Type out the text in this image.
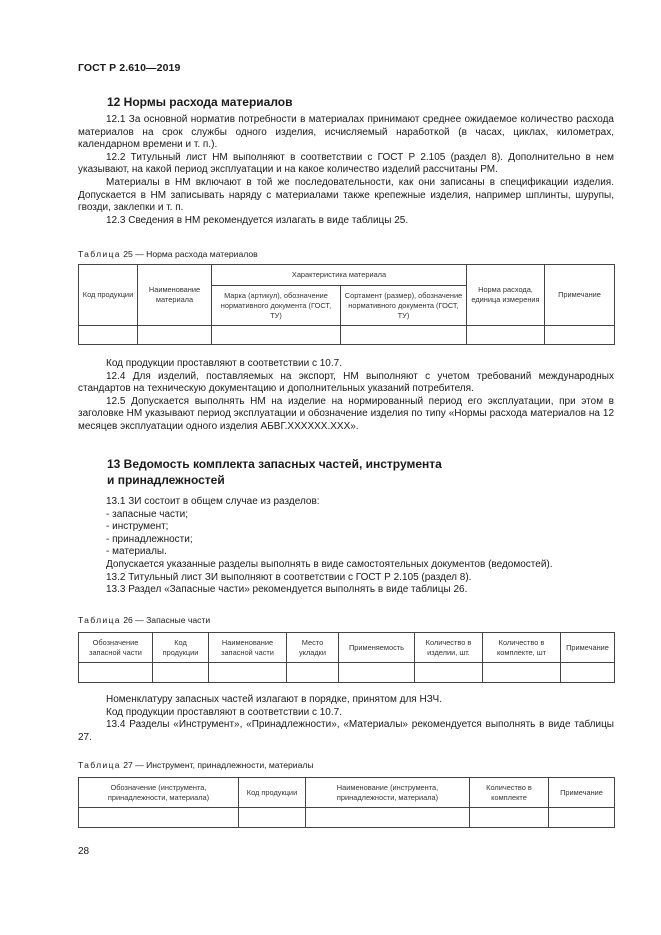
ГОСТ Р 2.610—2019
12 Нормы расхода материалов

12.1 За основной норматив потребности в материалах принимают среднее ожидаемое количество расхода материалов на срок службы одного изделия, исчисляемый наработкой (в часах, циклах, километрах, календарном времени и т. п.).

12.2 Титульный лист НМ выполняют в соответствии с ГОСТ Р 2.105 (раздел 8). Дополнительно в нем указывают, на какой период эксплуатации и на какое количество изделий рассчитаны РМ.

Материалы в НМ включают в той же последовательности, как они записаны в спецификации изделия. Допускается в НМ записывать наряду с материалами также крепежные изделия, например шплинты, шурупы, гвозди, заклепки и т. п.

12.3 Сведения в НМ рекомендуется излагать в виде таблицы 25.

Таблица 25 — Норма расхода материалов
Код продукции	Наименование материала	Характеристика материала		Норма расхода, единица измерения	Примечание
		Марка (артикул), обозначение нормативного документа (ГОСТ, ТУ)	Сортамент (размер), обозначение нормативного документа (ГОСТ, ТУ)		

Код продукции проставляют в соответствии с 10.7.

12.4 Для изделий, поставляемых на экспорт, НМ выполняют с учетом требований международных стандартов на техническую документацию и дополнительных указаний потребителя.

12.5 Допускается выполнять НМ на изделие на нормированный период его эксплуатации, при этом в заголовке НМ указывают период эксплуатации и обозначение изделия по типу «Нормы расхода материалов на 12 месяцев эксплуатации одного изделия АБВГ.XXXXXX.XXX».

13 Ведомость комплекта запасных частей, инструмента
и принадлежностей

13.1 ЗИ состоит в общем случае из разделов:

- запасные части;

- инструмент;

- принадлежности;

- материалы.

Допускается указанные разделы выполнять в виде самостоятельных документов (ведомостей).

13.2 Титульный лист ЗИ выполняют в соответствии с ГОСТ Р 2.105 (раздел 8).

13.3 Раздел «Запасные части» рекомендуется выполнять в виде таблицы 26.

Таблица 26 — Запасные части
Обозначение запасной части	Код продукции	Наименование запасной части	Место укладки	Применяемость	Количество в изделии, шт.	Количество в комплекте, шт	Примечание

Номенклатуру запасных частей излагают в порядке, принятом для НЗЧ.

Код продукции проставляют в соответствии с 10.7.

13.4 Разделы «Инструмент», «Принадлежности», «Материалы» рекомендуется выполнять в виде таблицы 27.

Таблица 27 — Инструмент, принадлежности, материалы
Обозначение (инструмента, принадлежности, материала)	Код продукции	Наименование (инструмента, принадлежности, материала)	Количество в комплекте	Примечание

28
